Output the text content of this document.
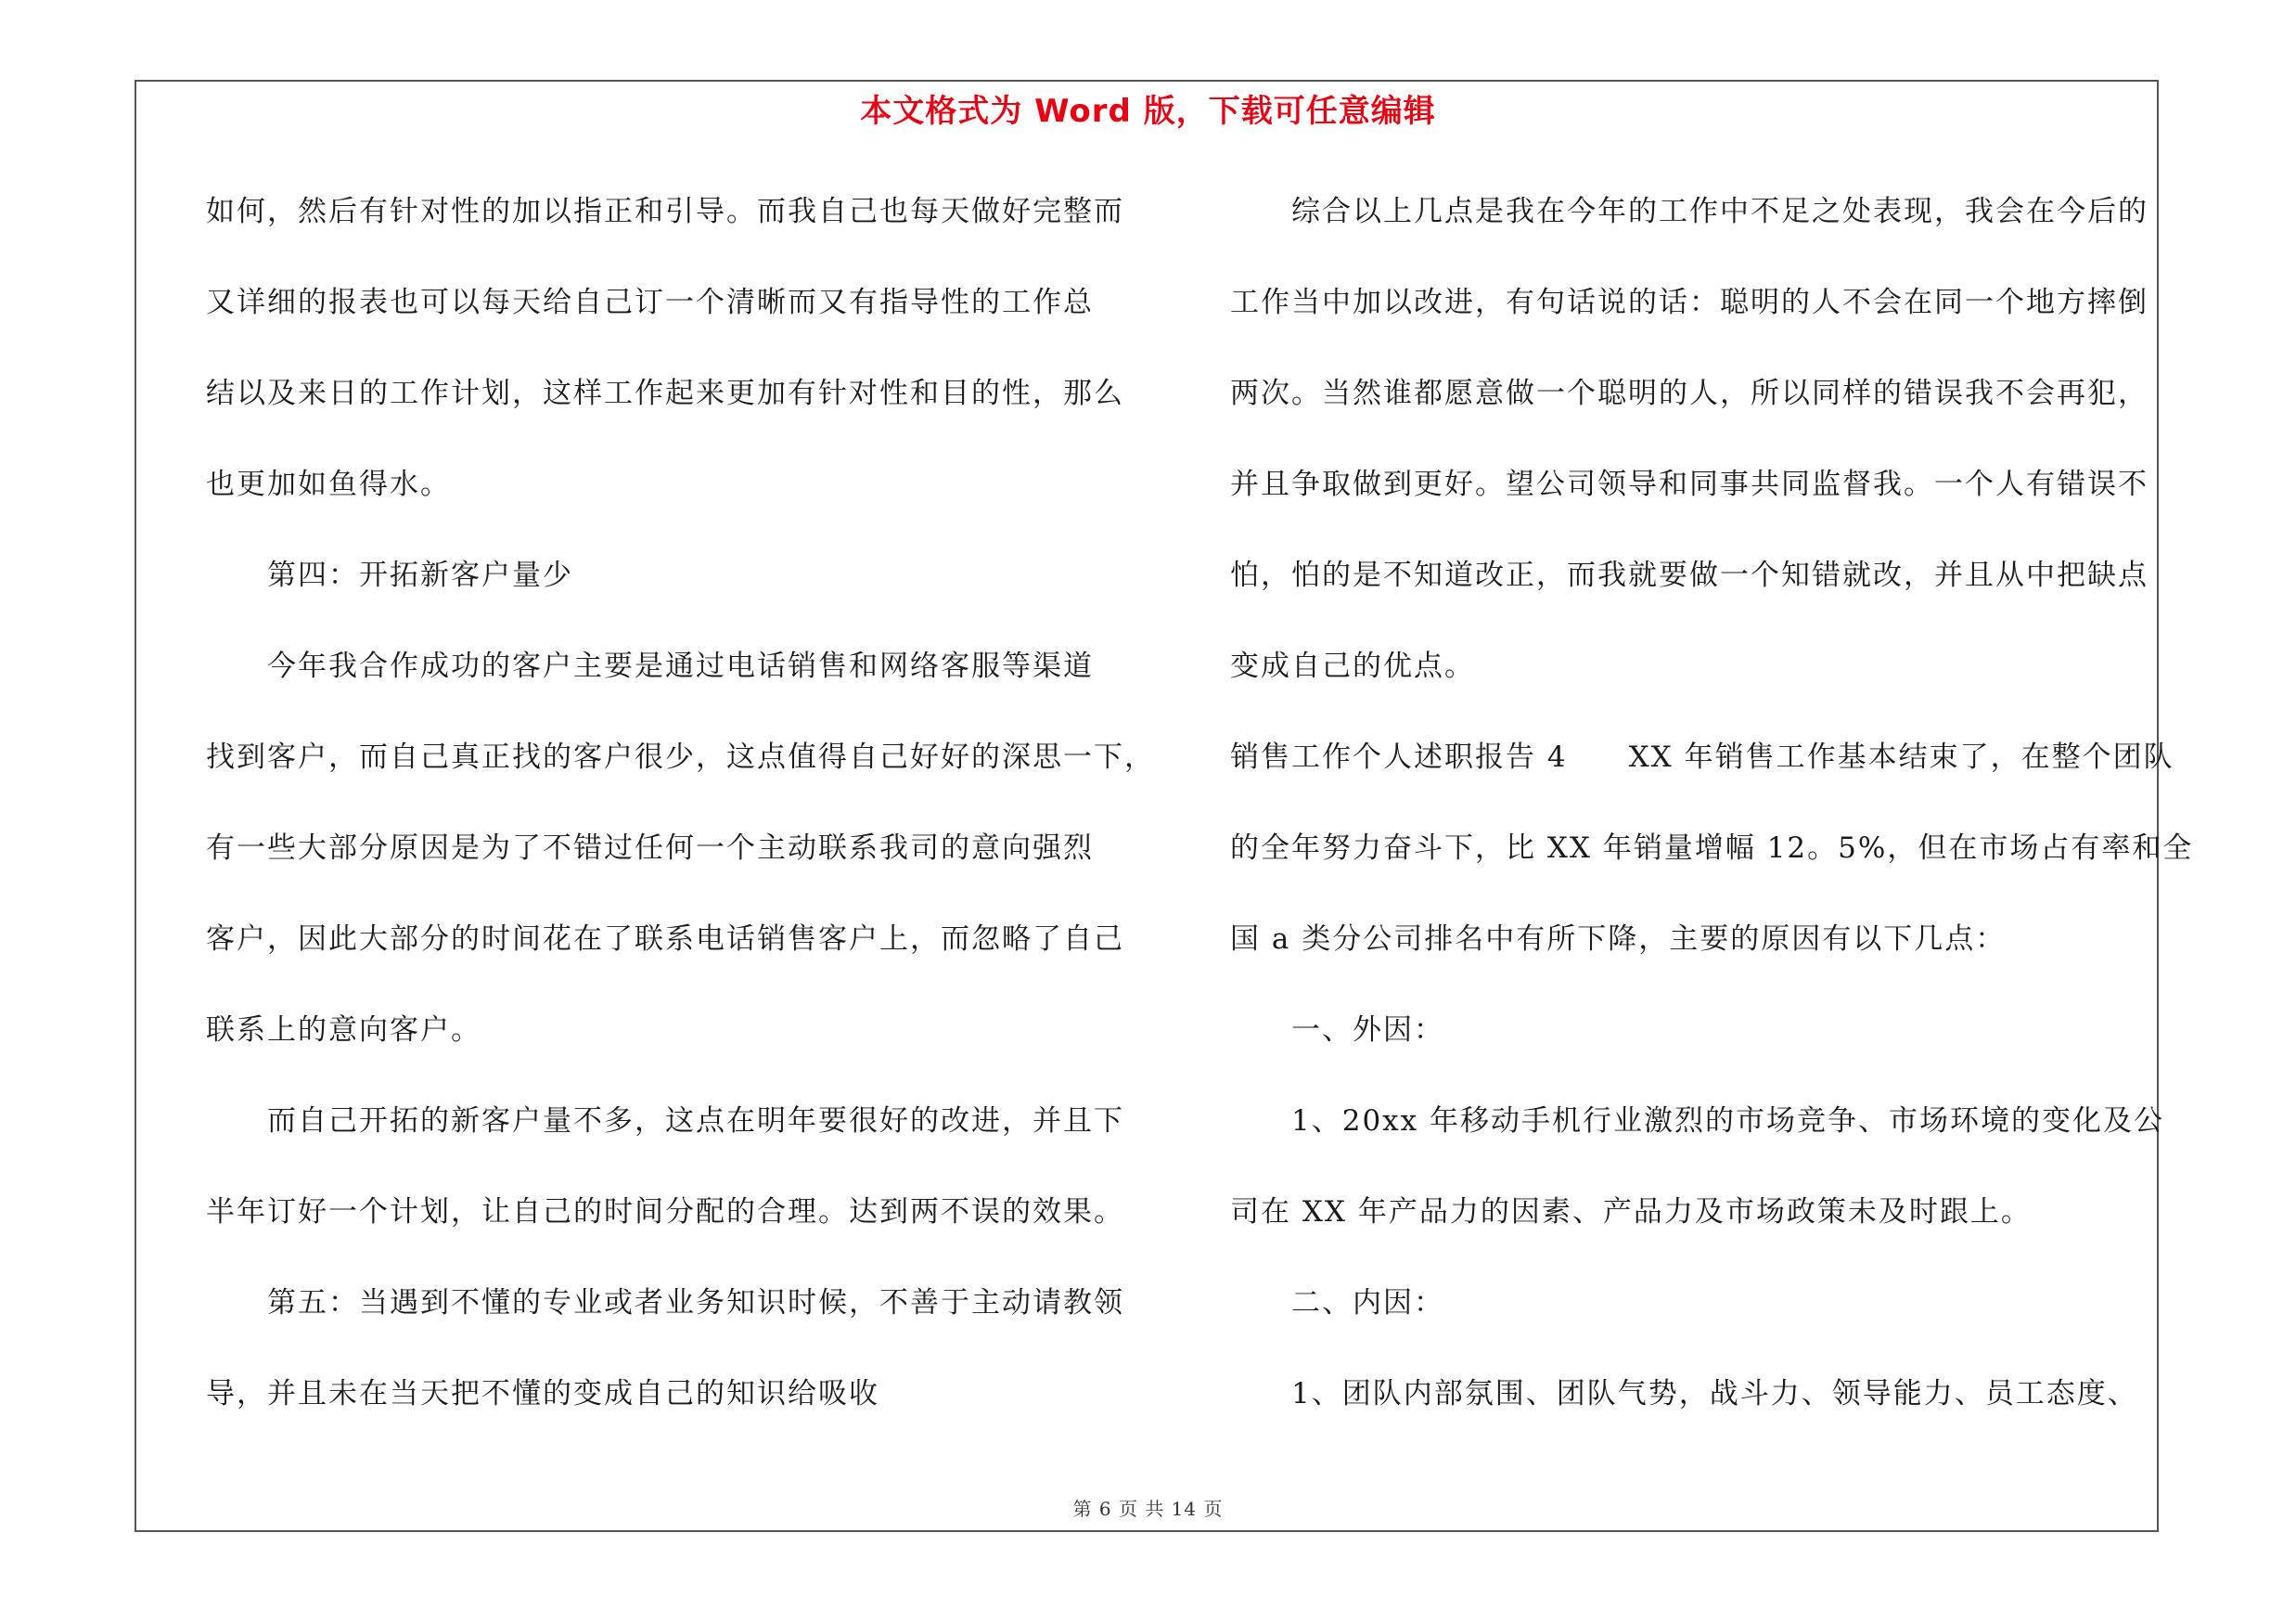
本文格式为 Word 版，下载可任意编辑
如何，然后有针对性的加以指正和引导。而我自己也每天做好完整而
又详细的报表也可以每天给自己订一个清晰而又有指导性的工作总
结以及来日的工作计划，这样工作起来更加有针对性和目的性，那么
也更加如鱼得水。
第四：开拓新客户量少
今年我合作成功的客户主要是通过电话销售和网络客服等渠道
找到客户，而自己真正找的客户很少，这点值得自己好好的深思一下，
有一些大部分原因是为了不错过任何一个主动联系我司的意向强烈
客户，因此大部分的时间花在了联系电话销售客户上，而忽略了自己
联系上的意向客户。
而自己开拓的新客户量不多，这点在明年要很好的改进，并且下
半年订好一个计划，让自己的时间分配的合理。达到两不误的效果。
第五：当遇到不懂的专业或者业务知识时候，不善于主动请教领
导，并且未在当天把不懂的变成自己的知识给吸收
综合以上几点是我在今年的工作中不足之处表现，我会在今后的
工作当中加以改进，有句话说的话：聪明的人不会在同一个地方摔倒
两次。当然谁都愿意做一个聪明的人，所以同样的错误我不会再犯，
并且争取做到更好。望公司领导和同事共同监督我。一个人有错误不
怕，怕的是不知道改正，而我就要做一个知错就改，并且从中把缺点
变成自己的优点。
销售工作个人述职报告 4　　XX 年销售工作基本结束了，在整个团队
的全年努力奋斗下，比 XX 年销量增幅 12。5%，但在市场占有率和全
国 a 类分公司排名中有所下降，主要的原因有以下几点：
一、外因：
1、20xx 年移动手机行业激烈的市场竞争、市场环境的变化及公
司在 XX 年产品力的因素、产品力及市场政策未及时跟上。
二、内因：
1、团队内部氛围、团队气势，战斗力、领导能力、员工态度、
第 6 页 共 14 页
